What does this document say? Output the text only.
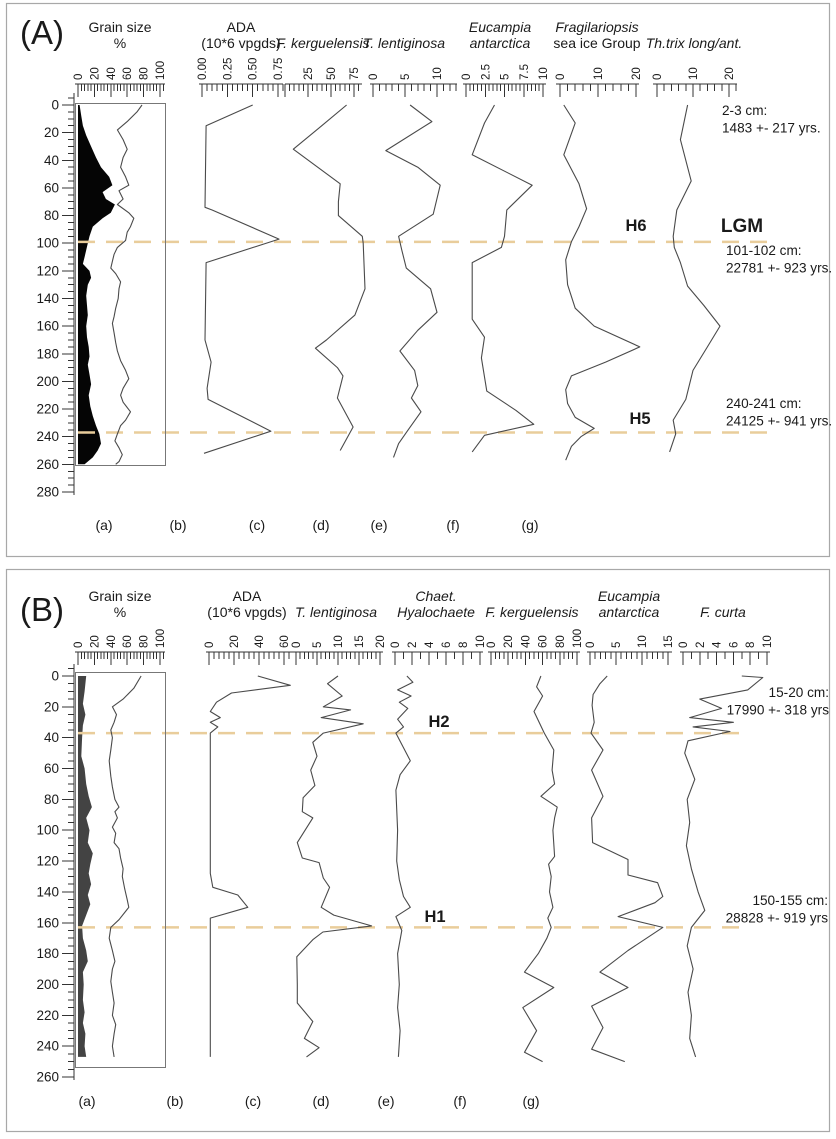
(A)
0
20
40
60
80
100
120
140
160
180
200
220
240
260
280
0 20 40 60 80 100
Grain size
%
0.00 0.25 0.50 0.75
ADA
(10*6 vpgds)
25 50 75
F. kerguelensis
0 5 10
T. lentiginosa
0 2.5 5 7.5 10
Eucampia
antarctica
0 10 20
Fragilariopsis
sea ice Group
0 10 20
Th.trix long/ant.
H6	LGM
H5
2-3 cm:
1483 +- 217 yrs.
101-102 cm:
22781 +- 923 yrs.
240-241 cm:
24125 +- 941 yrs.
(a)	(b)	(c)	(d)	(e)	(f)	(g)
(B)
0
20
40
60
80
100
120
140
160
180
200
220
240
260
0 20 40 60 80 100
Grain size
%
0 20 40 60
ADA
(10*6 vpgds)
0 5 10 15 20
T. lentiginosa
0 2 4 6 8 10
Chaet.
Hyalochaete
0 20 40 60 80 100
F. kerguelensis
0 5 10 15
Eucampia
antarctica
0 2 4 6 8 10
F. curta
H2
H1
15-20 cm:
17990 +- 318 yrs
150-155 cm:
28828 +- 919 yrs
(a)	(b)	(c)	(d)	(e)	(f)	(g)
